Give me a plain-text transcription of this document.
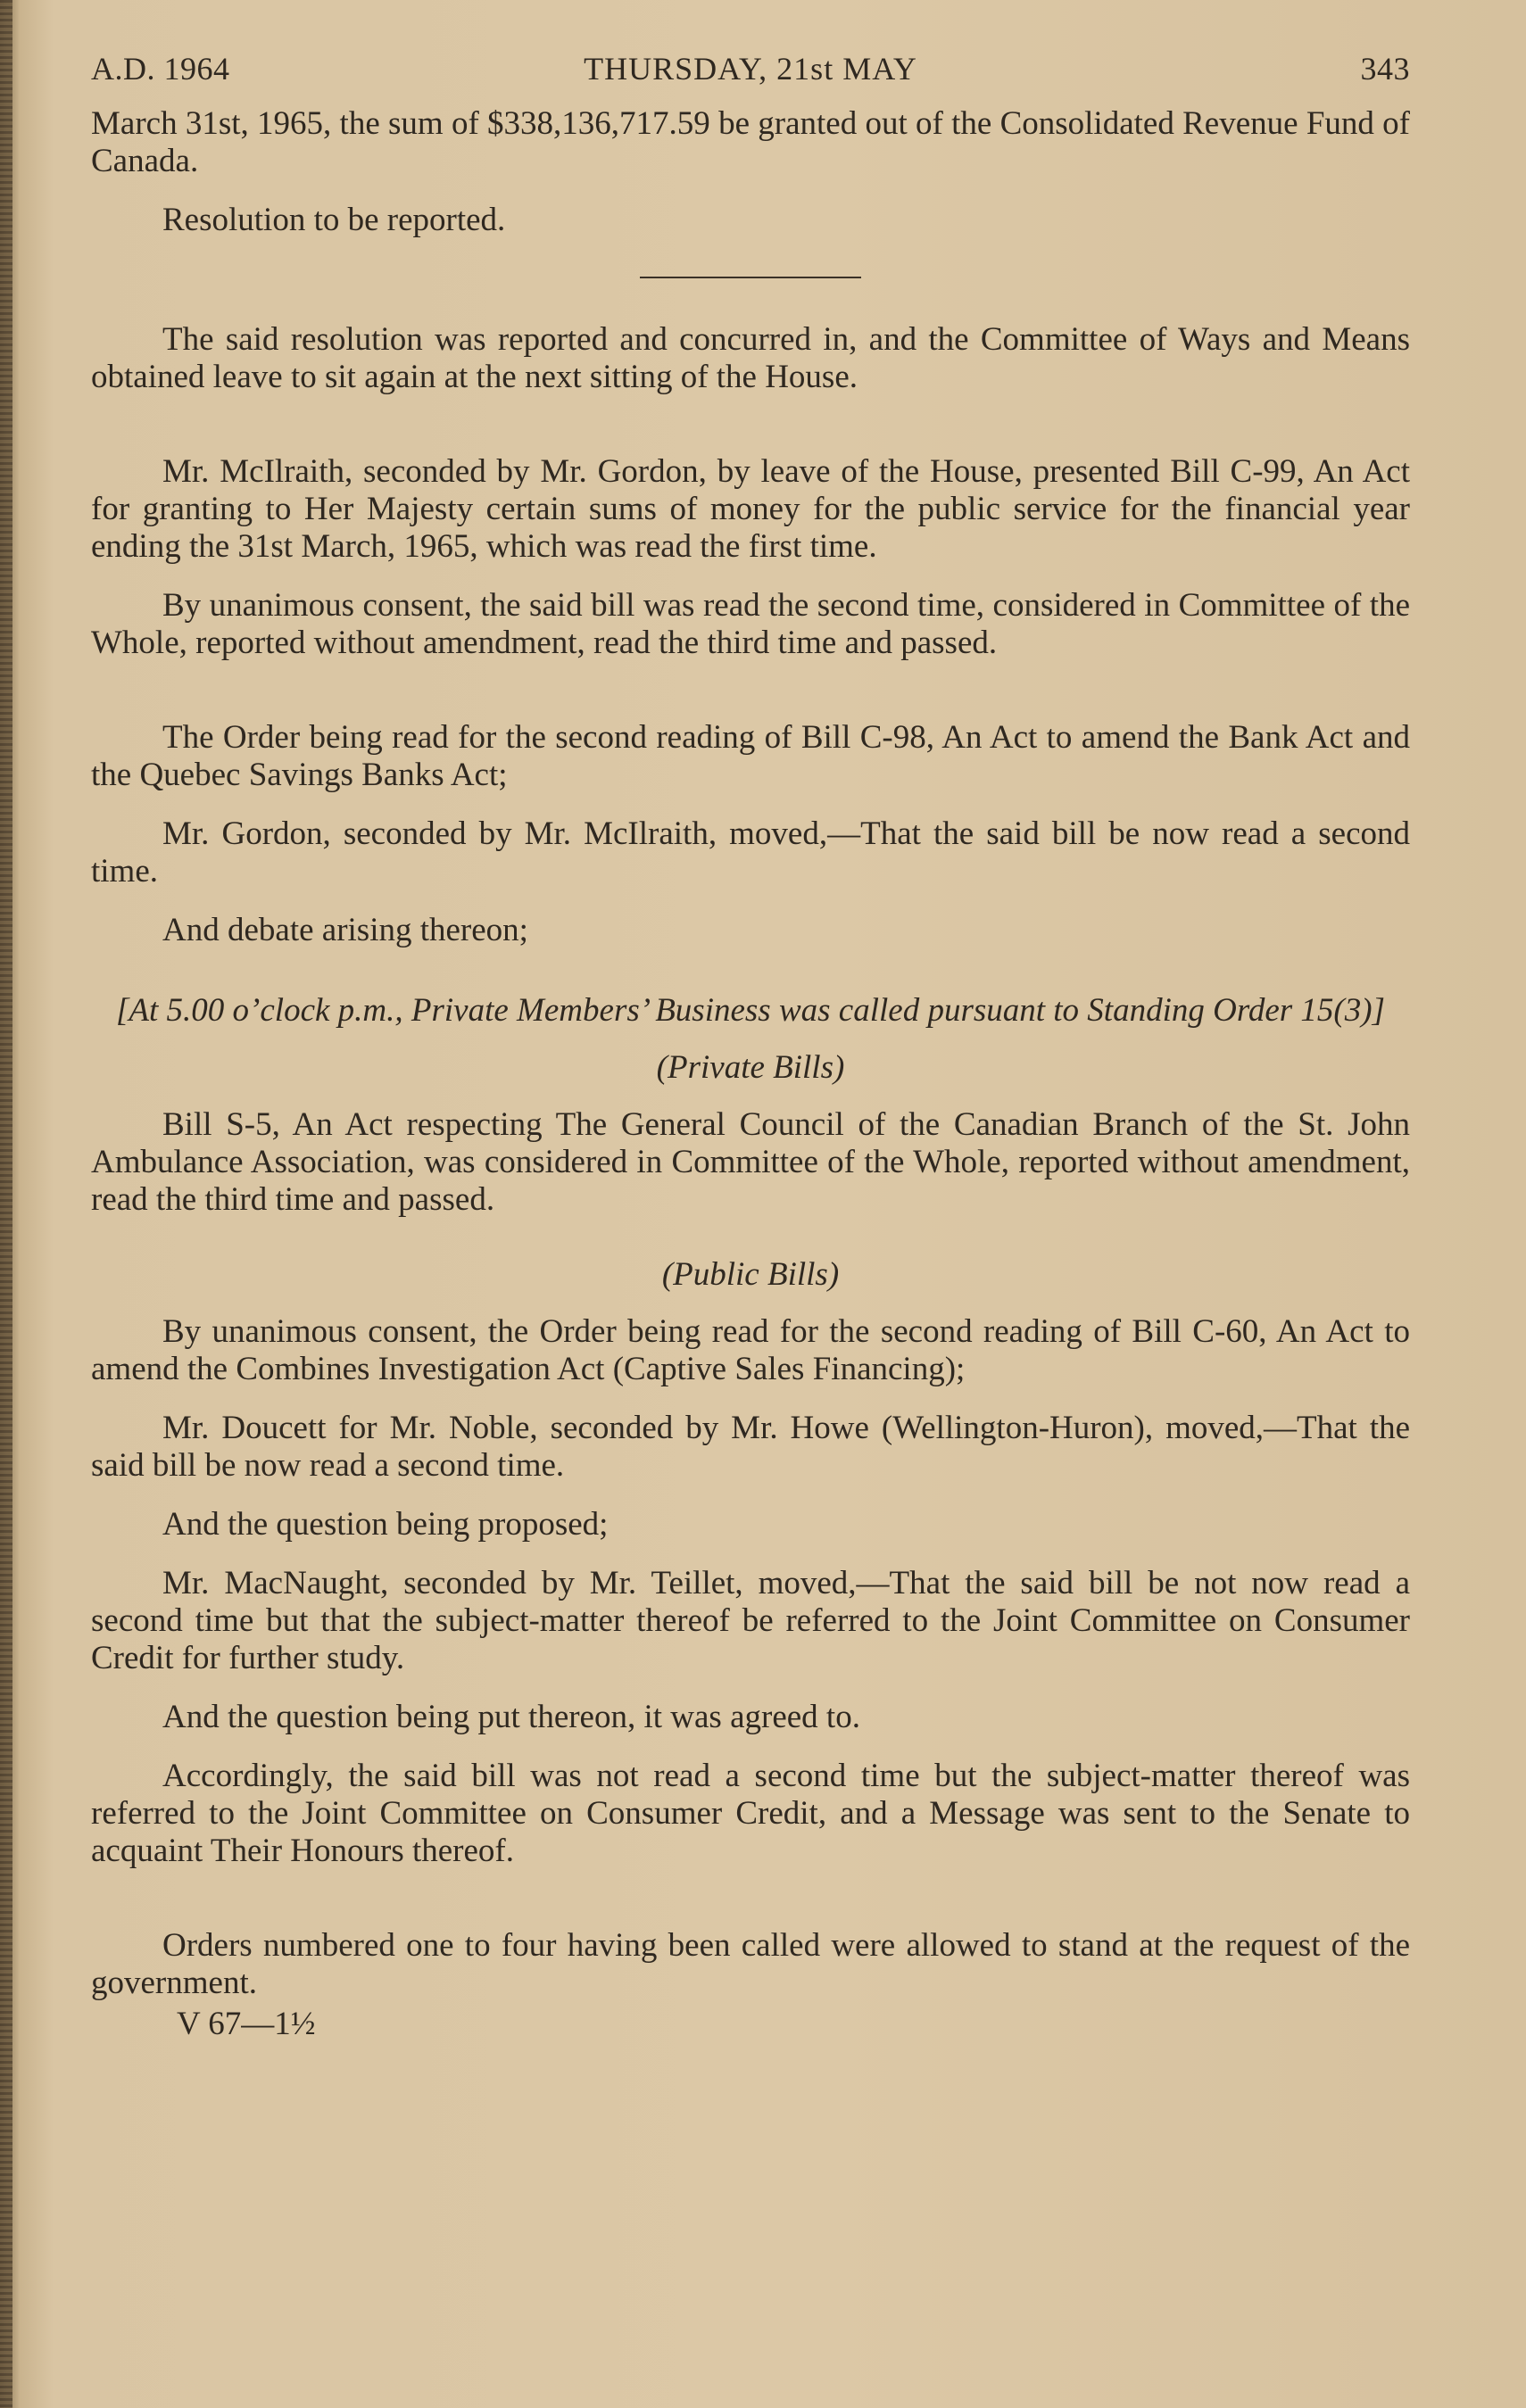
A.D. 1964	THURSDAY, 21st MAY	343

March 31st, 1965, the sum of $338,136,717.59 be granted out of the Consolidated Revenue Fund of Canada.

Resolution to be reported.

The said resolution was reported and concurred in, and the Committee of Ways and Means obtained leave to sit again at the next sitting of the House.

Mr. McIlraith, seconded by Mr. Gordon, by leave of the House, presented Bill C-99, An Act for granting to Her Majesty certain sums of money for the public service for the financial year ending the 31st March, 1965, which was read the first time.

By unanimous consent, the said bill was read the second time, considered in Committee of the Whole, reported without amendment, read the third time and passed.

The Order being read for the second reading of Bill C-98, An Act to amend the Bank Act and the Quebec Savings Banks Act;

Mr. Gordon, seconded by Mr. McIlraith, moved,—That the said bill be now read a second time.

And debate arising thereon;

[At 5.00 o’clock p.m., Private Members’ Business was called pursuant to Standing Order 15(3)]

(Private Bills)

Bill S-5, An Act respecting The General Council of the Canadian Branch of the St. John Ambulance Association, was considered in Committee of the Whole, reported without amendment, read the third time and passed.

(Public Bills)

By unanimous consent, the Order being read for the second reading of Bill C-60, An Act to amend the Combines Investigation Act (Captive Sales Financing);

Mr. Doucett for Mr. Noble, seconded by Mr. Howe (Wellington-Huron), moved,—That the said bill be now read a second time.

And the question being proposed;

Mr. MacNaught, seconded by Mr. Teillet, moved,—That the said bill be not now read a second time but that the subject-matter thereof be referred to the Joint Committee on Consumer Credit for further study.

And the question being put thereon, it was agreed to.

Accordingly, the said bill was not read a second time but the subject-matter thereof was referred to the Joint Committee on Consumer Credit, and a Message was sent to the Senate to acquaint Their Honours thereof.

Orders numbered one to four having been called were allowed to stand at the request of the government.

V 67—1½
